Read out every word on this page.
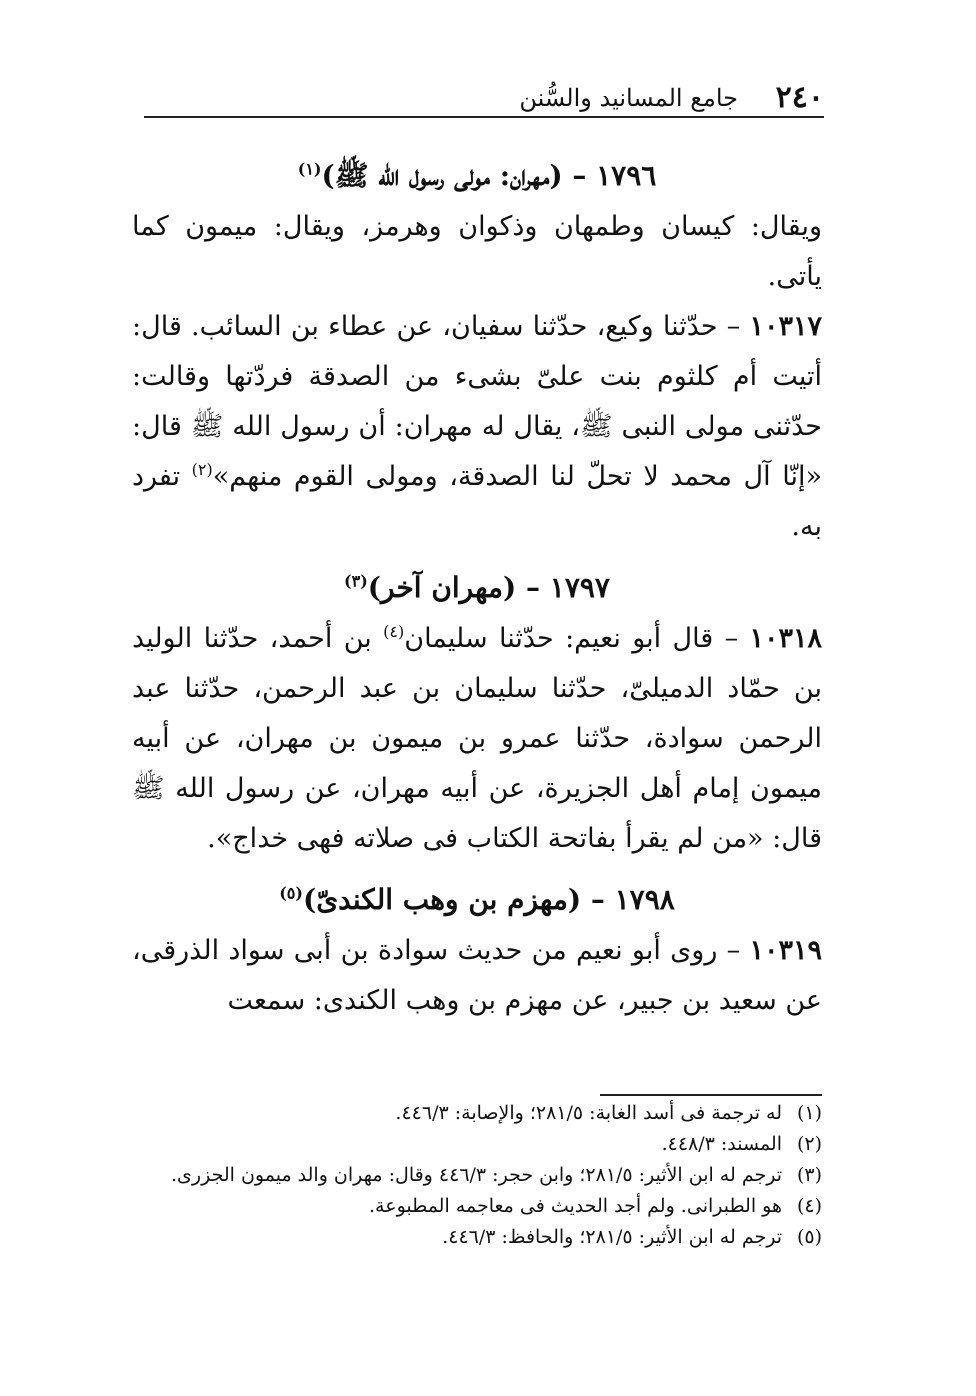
٢٤٠
جامع المسانيد والسُّنن

١٧٩٦ – (مهران: مولى رسول الله ﷺ)$^{(١)}$

ويقال: كيسان وطمهان وذكوان وهرمز، ويقال: ميمون كما يأتى.

١٠٣١٧ – حدّثنا وكيع، حدّثنا سفيان، عن عطاء بن السائب. قال: أتيت أم كلثوم بنت علىّ بشىء من الصدقة فردّتها وقالت: حدّثنى مولى النبى ﷺ، يقال له مهران: أن رسول الله ﷺ قال: «إنّا آل محمد لا تحلّ لنا الصدقة، ومولى القوم منهم»$^{(٢)}$ تفرد به.

١٧٩٧ – (مهران آخر)$^{(٣)}$

١٠٣١٨ – قال أبو نعيم: حدّثنا سليمان$^{(٤)}$ بن أحمد، حدّثنا الوليد بن حمّاد الدميلىّ، حدّثنا سليمان بن عبد الرحمن، حدّثنا عبد الرحمن سوادة، حدّثنا عمرو بن ميمون بن مهران، عن أبيه ميمون إمام أهل الجزيرة، عن أبيه مهران، عن رسول الله ﷺ قال: «من لم يقرأ بفاتحة الكتاب فى صلاته فهى خداج».

١٧٩٨ – (مهزم بن وهب الكندىّ)$^{(٥)}$

١٠٣١٩ – روى أبو نعيم من حديث سوادة بن أبى سواد الذرقى، عن سعيد بن جبير، عن مهزم بن وهب الكندى: سمعت

(١)له ترجمة فى أسد الغابة: ٢٨١/٥؛ والإصابة: ٤٤٦/٣.

(٢)المسند: ٤٤٨/٣.

(٣)ترجم له ابن الأثير: ٢٨١/٥؛ وابن حجر: ٤٤٦/٣ وقال: مهران والد ميمون الجزرى.

(٤)هو الطبرانى. ولم أجد الحديث فى معاجمه المطبوعة.

(٥)ترجم له ابن الأثير: ٢٨١/٥؛ والحافظ: ٤٤٦/٣.
